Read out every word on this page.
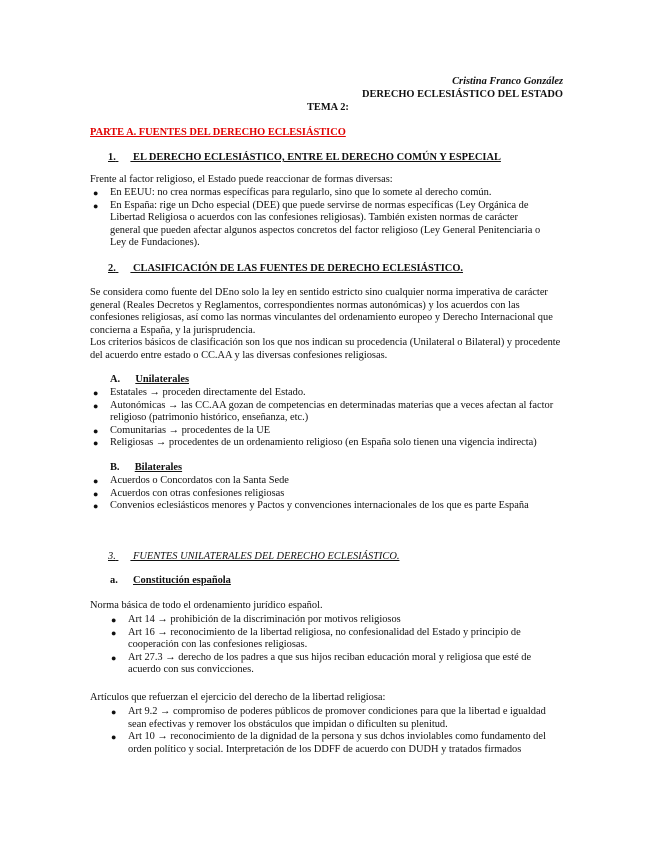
Cristina Franco González
DERECHO ECLESIÁSTICO DEL ESTADO
TEMA 2:
PARTE A. FUENTES DEL DERECHO ECLESIÁSTICO
1. EL DERECHO ECLESIÁSTICO, ENTRE EL DERECHO COMÚN Y ESPECIAL
Frente al factor religioso, el Estado puede reaccionar de formas diversas:
● En EEUU: no crea normas específicas para regularlo, sino que lo somete al derecho común.
● En España: rige un Dcho especial (DEE) que puede servirse de normas específicas (Ley Orgánica de Libertad Religiosa o acuerdos con las confesiones religiosas). También existen normas de carácter general que pueden afectar algunos aspectos concretos del factor religioso (Ley General Penitenciaria o Ley de Fundaciones).
2. CLASIFICACIÓN DE LAS FUENTES DE DERECHO ECLESIÁSTICO.

Se considera como fuente del DEno solo la ley en sentido estricto sino cualquier norma imperativa de carácter general (Reales Decretos y Reglamentos, correspondientes normas autonómicas) y los acuerdos con las confesiones religiosas, así como las normas vinculantes del ordenamiento europeo y Derecho Internacional que concierna a España, y la jurisprudencia.

Los criterios básicos de clasificación son los que nos indican su procedencia (Unilateral o Bilateral) y procedente del acuerdo entre estado o CC.AA y las diversas confesiones religiosas.

A. Unilaterales
● Estatales → proceden directamente del Estado.
● Autonómicas → las CC.AA gozan de competencias en determinadas materias que a veces afectan al factor religioso (patrimonio histórico, enseñanza, etc.)
● Comunitarias → procedentes de la UE
● Religiosas → procedentes de un ordenamiento religioso (en España solo tienen una vigencia indirecta)
B. Bilaterales
● Acuerdos o Concordatos con la Santa Sede
● Acuerdos con otras confesiones religiosas
● Convenios eclesiásticos menores y Pactos y convenciones internacionales de los que es parte España
3. FUENTES UNILATERALES DEL DERECHO ECLESIÁSTICO.
a. Constitución española
Norma básica de todo el ordenamiento jurídico español.
● Art 14 → prohibición de la discriminación por motivos religiosos
● Art 16 → reconocimiento de la libertad religiosa, no confesionalidad del Estado y principio de cooperación con las confesiones religiosas.
● Art 27.3 → derecho de los padres a que sus hijos reciban educación moral y religiosa que esté de acuerdo con sus convicciones.
Artículos que refuerzan el ejercicio del derecho de la libertad religiosa:
● Art 9.2 → compromiso de poderes públicos de promover condiciones para que la libertad e igualdad sean efectivas y remover los obstáculos que impidan o dificulten su plenitud.
● Art 10 → reconocimiento de la dignidad de la persona y sus dchos inviolables como fundamento del orden político y social. Interpretación de los DDFF de acuerdo con DUDH y tratados firmados
